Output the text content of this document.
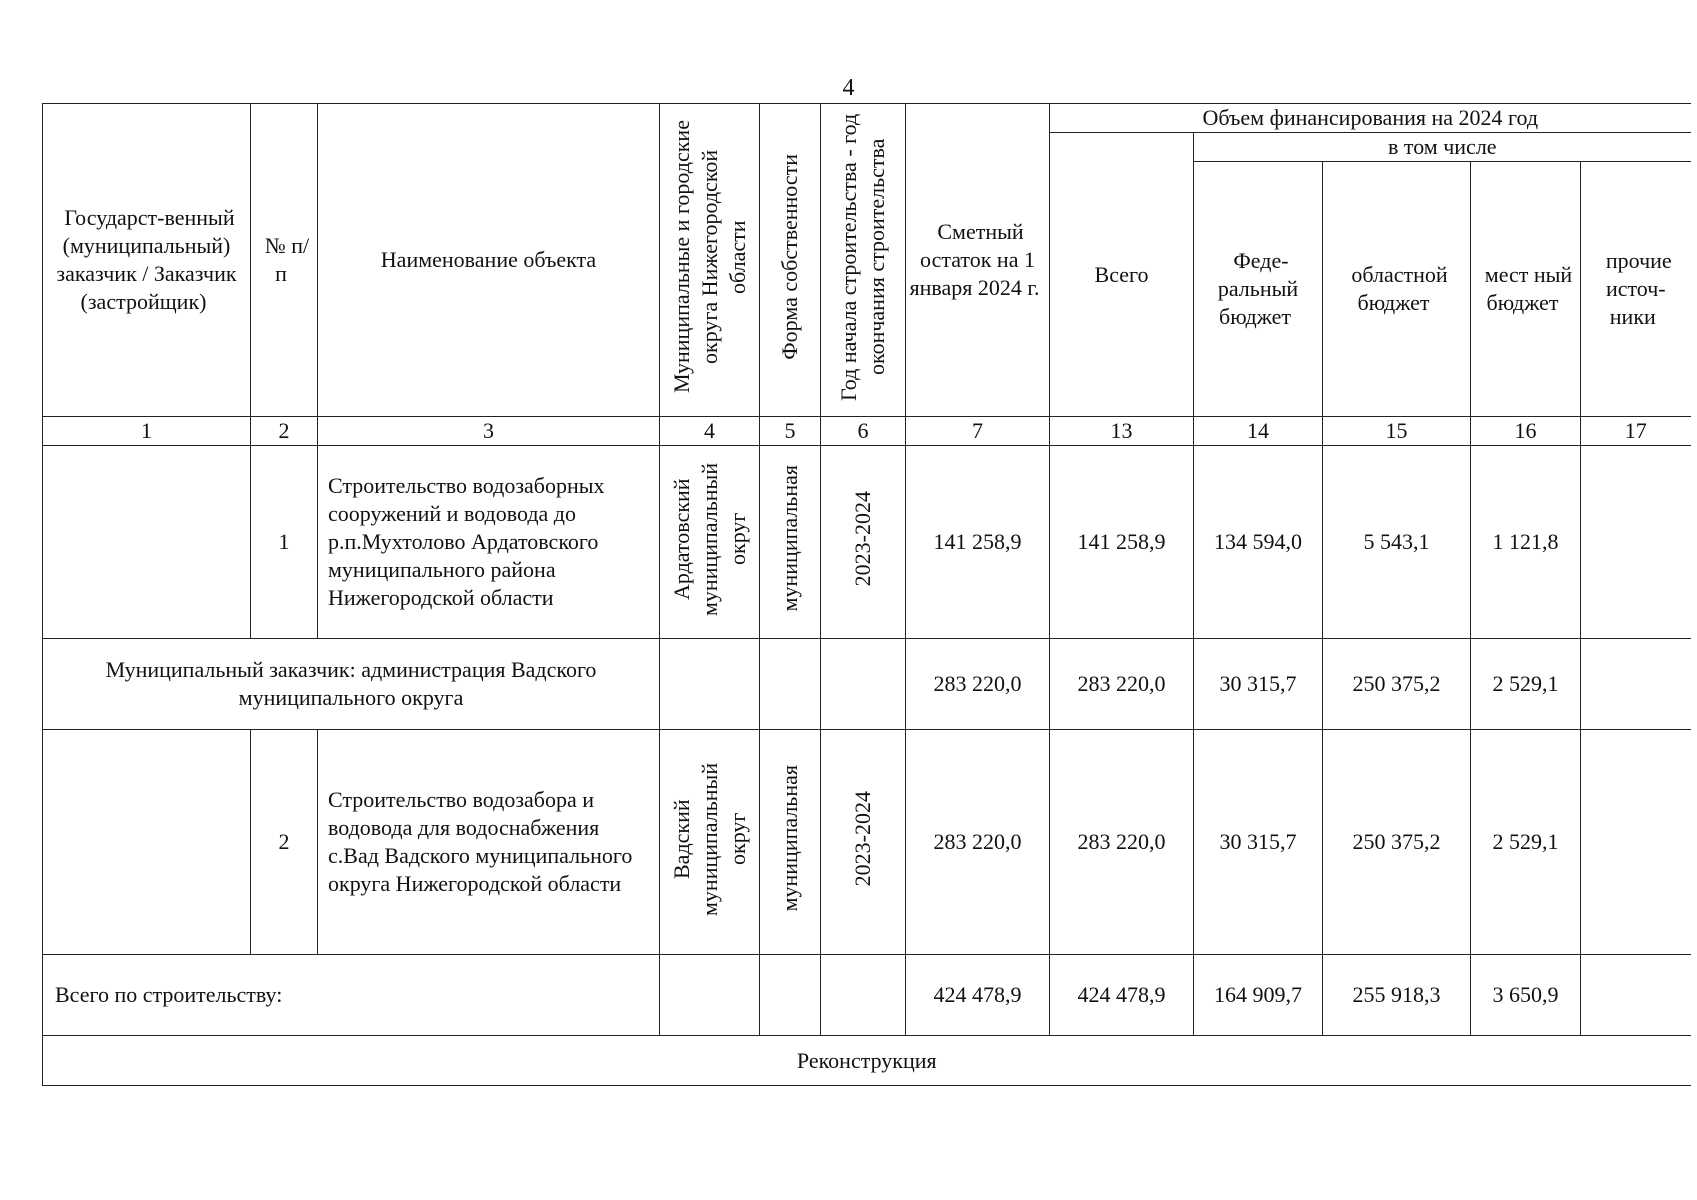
4
Государст-венный (муниципальный) заказчик / Заказчик (застройщик)	№ п/п	Наименование объекта	Муниципальные и городские округа Нижегородской области	Форма собственности	Год начала строительства - год окончания строительства	Сметный остаток на 1 января 2024 г.	Объем финансирования на 2024 год				
							Всего	в том числе			
								Феде-ральный бюджет	областной бюджет	мест ный бюджет	прочие источ-ники
1	2	3	4	5	6	7	13	14	15	16	17
	1	Строительство водозаборных сооружений и водовода до р.п.Мухтолово Ардатовского муниципального района Нижегородской области	Ардатовский муниципальный округ	муниципальная	2023-2024	141 258,9	141 258,9	134 594,0	5 543,1	1 121,8	
Муниципальный заказчик: администрация Вадского муниципального округа						283 220,0	283 220,0	30 315,7	250 375,2	2 529,1	
	2	Строительство водозабора и водовода для водоснабжения с.Вад Вадского муниципального округа Нижегородской области	Вадский муниципальный округ	муниципальная	2023-2024	283 220,0	283 220,0	30 315,7	250 375,2	2 529,1	
Всего по строительству:						424 478,9	424 478,9	164 909,7	255 918,3	3 650,9	
Реконструкция											
